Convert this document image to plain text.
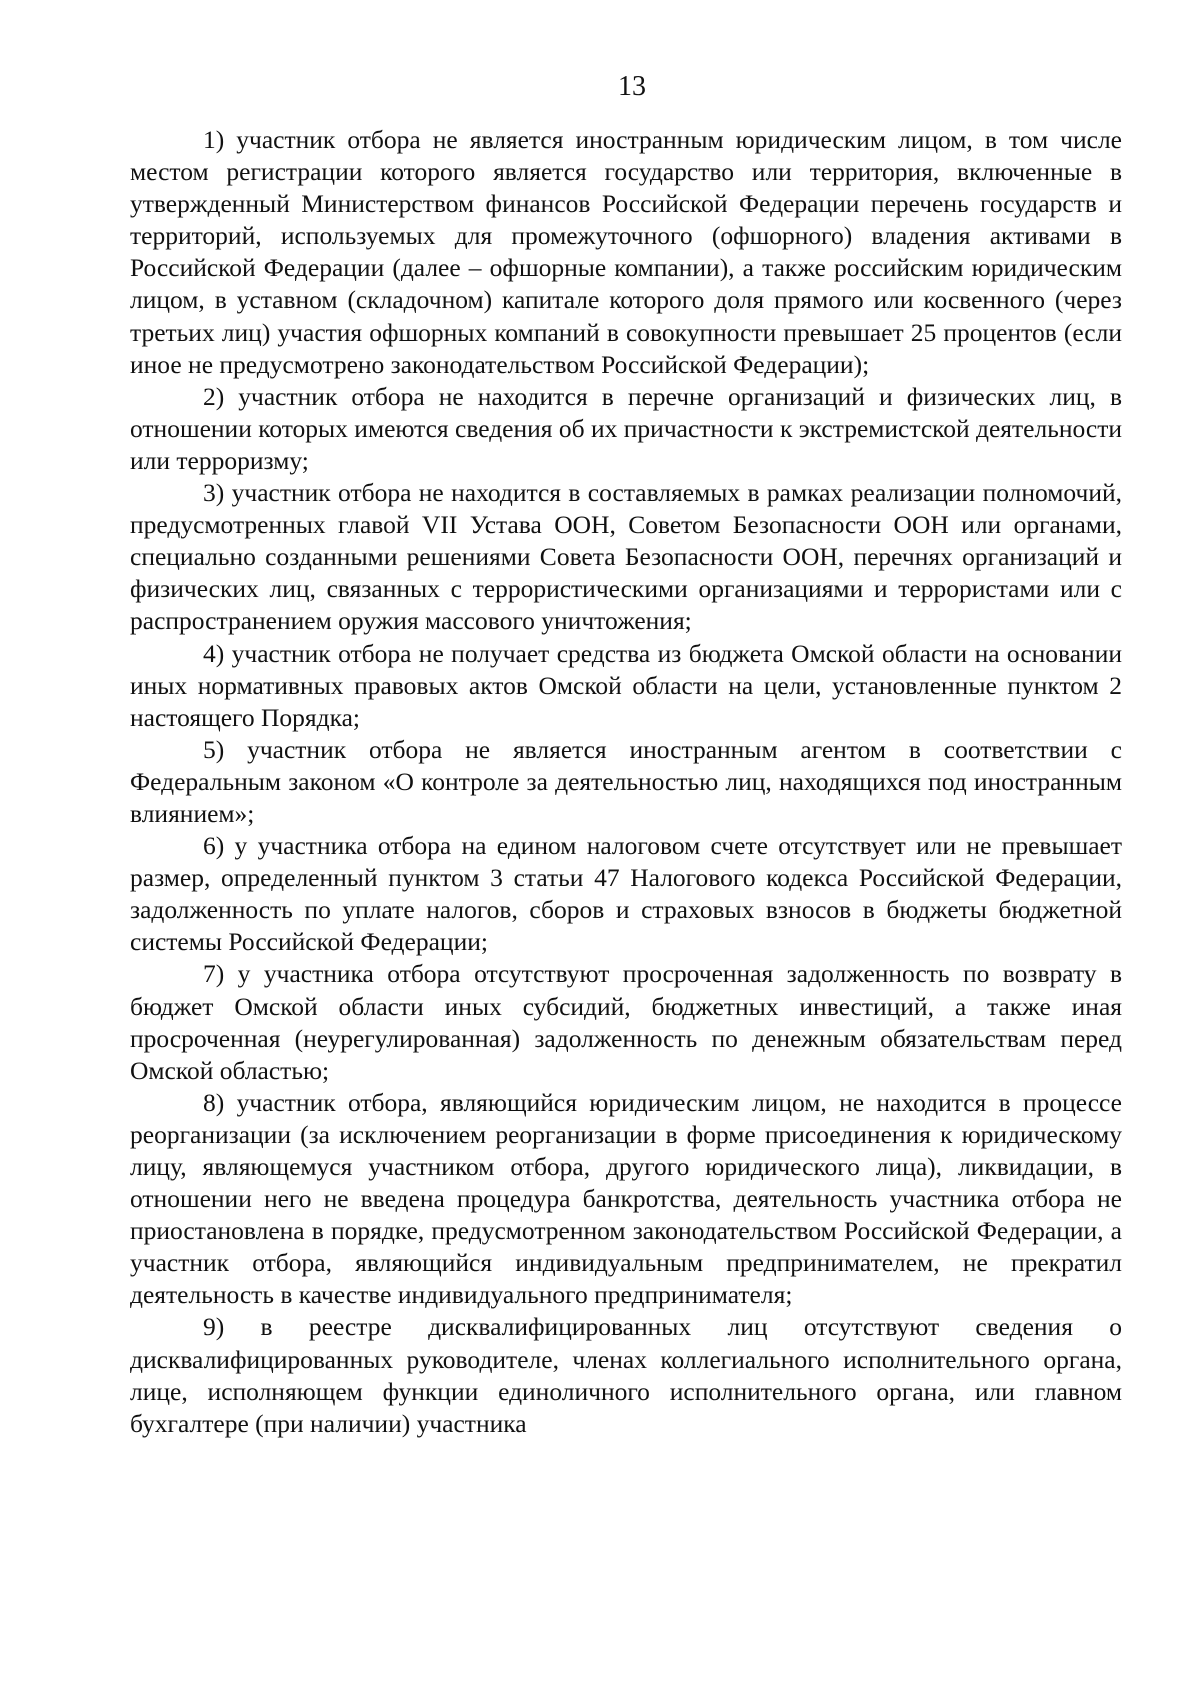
13

1) участник отбора не является иностранным юридическим лицом, в том числе местом регистрации которого является государство или территория, включенные в утвержденный Министерством финансов Российской Федерации перечень государств и территорий, используемых для промежуточного (офшорного) владения активами в Российской Федерации (далее – офшорные компании), а также российским юридическим лицом, в уставном (складочном) капитале которого доля прямого или косвенного (через третьих лиц) участия офшорных компаний в совокупности превышает 25 процентов (если иное не предусмотрено законодательством Российской Федерации);

2) участник отбора не находится в перечне организаций и физических лиц, в отношении которых имеются сведения об их причастности к экстремистской деятельности или терроризму;

3) участник отбора не находится в составляемых в рамках реализации полномочий, предусмотренных главой VII Устава ООН, Советом Безопасности ООН или органами, специально созданными решениями Совета Безопасности ООН, перечнях организаций и физических лиц, связанных с террористическими организациями и террористами или с распространением оружия массового уничтожения;

4) участник отбора не получает средства из бюджета Омской области на основании иных нормативных правовых актов Омской области на цели, установленные пунктом 2 настоящего Порядка;

5) участник отбора не является иностранным агентом в соответствии с Федеральным законом «О контроле за деятельностью лиц, находящихся под иностранным влиянием»;

6) у участника отбора на едином налоговом счете отсутствует или не превышает размер, определенный пунктом 3 статьи 47 Налогового кодекса Российской Федерации, задолженность по уплате налогов, сборов и страховых взносов в бюджеты бюджетной системы Российской Федерации;

7) у участника отбора отсутствуют просроченная задолженность по возврату в бюджет Омской области иных субсидий, бюджетных инвестиций, а также иная просроченная (неурегулированная) задолженность по денежным обязательствам перед Омской областью;

8) участник отбора, являющийся юридическим лицом, не находится в процессе реорганизации (за исключением реорганизации в форме присоединения к юридическому лицу, являющемуся участником отбора, другого юридического лица), ликвидации, в отношении него не введена процедура банкротства, деятельность участника отбора не приостановлена в порядке, предусмотренном законодательством Российской Федерации, а участник отбора, являющийся индивидуальным предпринимателем, не прекратил деятельность в качестве индивидуального предпринимателя;

9) в реестре дисквалифицированных лиц отсутствуют сведения о дисквалифицированных руководителе, членах коллегиального исполнительного органа, лице, исполняющем функции единоличного исполнительного органа, или главном бухгалтере (при наличии) участника
